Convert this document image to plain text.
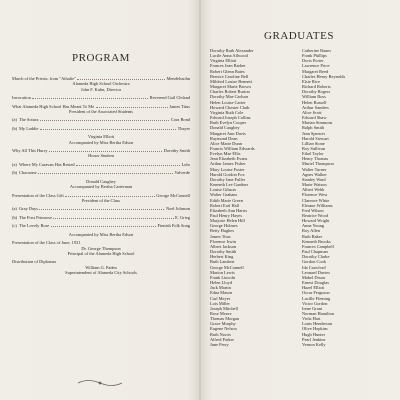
PROGRAM
March of the Priests, from "Athalie"	Mendelssohn
Alameda High School Orchestra
John F. Kuhn, Director
Invocation	Reverend Gail Cleland
What Alameda High School Has Meant To Me	James Titus
President of the Associated Students
(a) The Sotura	Cora Bond
(b) My Laddie	Thayer
Virginia Elliott
Accompanied by Miss Bertha Edson
Why All This Hurry	Dorothy Smith
Honor Student
(a) Where My Caravan Has Rested	Lohr
(b) Chaconne	Valverde
Donald Caughey
Accompanied by Bertha Carterman
Presentation of the Class Gift	George McConnell
President of the Class
(a) Gray Days	Noel Johnson
(b) The First Primrose	E. Grieg
(c) The Lovely Rose	Finnish Folk Song
Accompanied by Miss Bertha Edson
Presentation of the Class of June, 1931
Dr. George Thompson
Principal of the Alameda High School
Distribution of Diplomas
William G. Paden
Superintendent of Alameda City Schools
GRADUATES
Dorothy Ruth Alexander
Lucile Anna Allwood
Virginia Elliott
Frances Jean Barker
Robert Glenn Bates
Bernice Caroline Bell
Mildred Louise Bennett
Margaret Marie Brown
Charles Robert Burton
Dorothy Mae Carlson
Helen Louise Carter
Howard Chester Clark
Virginia Ruth Cole
Edward Joseph Collins
Ruth Evelyn Cooper
Donald Caughey
Margaret Ann Davis
Raymond Dean
Alice Marie Dunn
Francis William Edwards
Evelyn Mae Ellis
Jean Elizabeth Evans
Arthur James Fisher
Mary Louise Foster
Harold Gordon Fox
Dorothy Jane Fuller
Kenneth Lee Gardner
Louise Gibson
Walter Graham
Edith Marie Green
Robert Earl Hall
Elizabeth Ann Harris
Paul Henry Hayes
Marjorie Helen Hill
George Holmes
Betty Hughes
James Titus
Florence Irwin
Albert Jackson
Dorothy Smith
Herbert King
Ruth Lambert
George McConnell
Marion Lewis
Frank Lincoln
Helen Lloyd
Jack Martin
Edna Mason
Carl Meyer
Lois Miller
Joseph Mitchell
Rose Moore
Thomas Morgan
Grace Murphy
Eugene Nelson
Ruth Norris
Alfred Parker
June Perry
Catherine Baum
Frank Phillips
Doris Porter
Lawrence Price
Margaret Reed
Charles Henry Reynolds
Elsie Rice
Richard Roberts
Dorothy Rogers
William Ross
Helen Russell
Arthur Sanders
Alice Scott
Edward Shaw
Marian Simmons
Ralph Smith
Jean Spencer
Harold Stewart
Lillian Stone
Roy Sullivan
Ethel Taylor
Henry Thomas
Muriel Thompson
Walter Turner
Agnes Walker
Stanley Ward
Marie Watson
Albert Webb
Florence West
Clarence White
Eleanor Williams
Fred Wilson
Beatrice Wood
Howard Wright
Anna Young
Roy Allen
Ruth Baker
Kenneth Brooks
Frances Campbell
Paul Chapman
Dorothy Clarke
Gordon Cook
Ida Crawford
Leonard Davies
Mabel Dixon
Ernest Douglas
Hazel Elliott
Oscar Ferguson
Lucille Fleming
Victor Gordon
Irene Grant
Norman Hamilton
Viola Hart
Louis Henderson
Olive Hopkins
Hugh Hunter
Pearl Jenkins
Vernon Kelly
